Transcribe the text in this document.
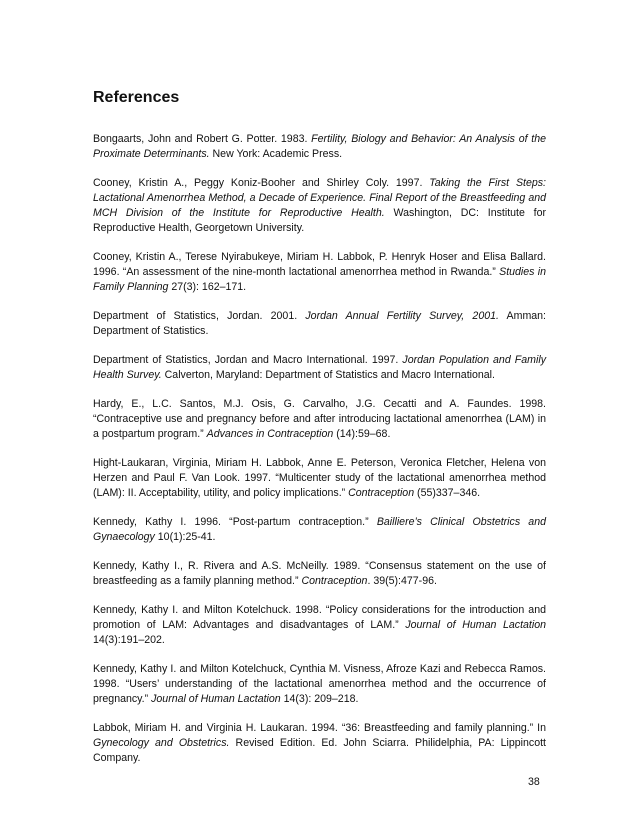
References
Bongaarts, John and Robert G. Potter. 1983. Fertility, Biology and Behavior: An Analysis of the Proximate Determinants. New York: Academic Press.
Cooney, Kristin A., Peggy Koniz-Booher and Shirley Coly. 1997. Taking the First Steps: Lactational Amenorrhea Method, a Decade of Experience. Final Report of the Breastfeeding and MCH Division of the Institute for Reproductive Health. Washington, DC: Institute for Reproductive Health, Georgetown University.
Cooney, Kristin A., Terese Nyirabukeye, Miriam H. Labbok, P. Henryk Hoser and Elisa Ballard. 1996. “An assessment of the nine-month lactational amenorrhea method in Rwanda.” Studies in Family Planning 27(3): 162–171.
Department of Statistics, Jordan. 2001. Jordan Annual Fertility Survey, 2001. Amman: Department of Statistics.
Department of Statistics, Jordan and Macro International. 1997. Jordan Population and Family Health Survey. Calverton, Maryland: Department of Statistics and Macro International.
Hardy, E., L.C. Santos, M.J. Osis, G. Carvalho, J.G. Cecatti and A. Faundes. 1998. “Contraceptive use and pregnancy before and after introducing lactational amenorrhea (LAM) in a postpartum program.” Advances in Contraception (14):59–68.
Hight-Laukaran, Virginia, Miriam H. Labbok, Anne E. Peterson, Veronica Fletcher, Helena von Herzen and Paul F. Van Look. 1997. “Multicenter study of the lactational amenorrhea method (LAM): II. Acceptability, utility, and policy implications.” Contraception (55)337–346.
Kennedy, Kathy I. 1996. “Post-partum contraception.” Bailliere’s Clinical Obstetrics and Gynaecology 10(1):25-41.
Kennedy, Kathy I., R. Rivera and A.S. McNeilly. 1989. “Consensus statement on the use of breastfeeding as a family planning method.” Contraception. 39(5):477-96.
Kennedy, Kathy I. and Milton Kotelchuck. 1998. “Policy considerations for the introduction and promotion of LAM: Advantages and disadvantages of LAM.” Journal of Human Lactation 14(3):191–202.
Kennedy, Kathy I. and Milton Kotelchuck, Cynthia M. Visness, Afroze Kazi and Rebecca Ramos. 1998. “Users’ understanding of the lactational amenorrhea method and the occurrence of pregnancy.” Journal of Human Lactation 14(3): 209–218.
Labbok, Miriam H. and Virginia H. Laukaran. 1994. “36: Breastfeeding and family planning.” In Gynecology and Obstetrics. Revised Edition. Ed. John Sciarra. Philidelphia, PA: Lippincott Company.

38
